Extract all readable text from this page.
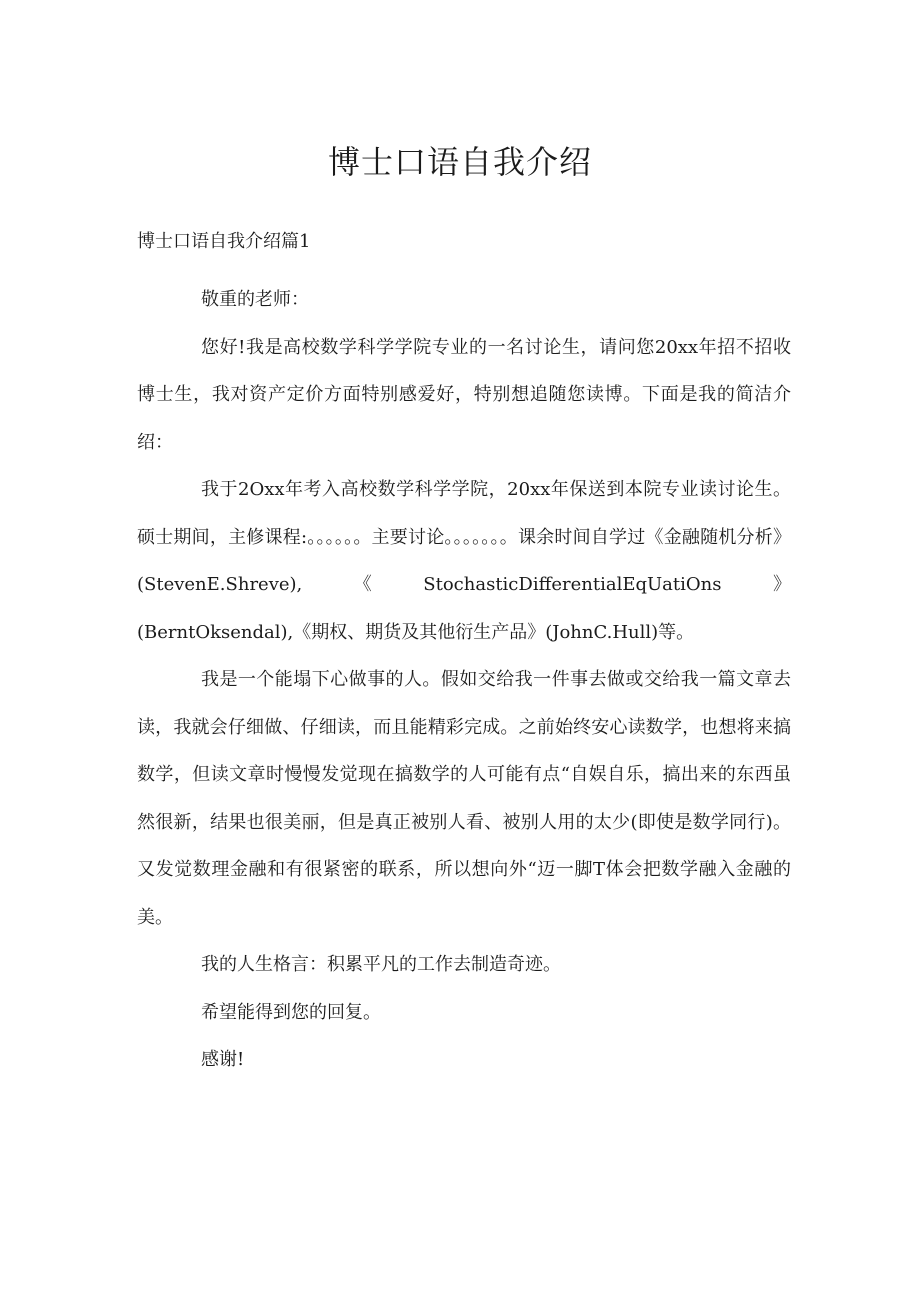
博士口语自我介绍

博士口语自我介绍篇1

敬重的老师：

您好!我是高校数学科学学院专业的一名讨论生，请问您20xx年招不招收博士生，我对资产定价方面特别感爱好，特别想追随您读博。下面是我的简洁介绍：

我于2Oxx年考入高校数学科学学院，20xx年保送到本院专业读讨论生。硕士期间，主修课程:。。。。。。主要讨论。。。。。。。课余时间自学过《金融随机分析》(StevenE.Shreve),《StochasticDifferentialEqUatiOns》(BerntOksendal),《期权、期货及其他衍生产品》(JohnC.Hull)等。

我是一个能塌下心做事的人。假如交给我一件事去做或交给我一篇文章去读，我就会仔细做、仔细读，而且能精彩完成。之前始终安心读数学，也想将来搞数学，但读文章时慢慢发觉现在搞数学的人可能有点“自娱自乐，搞出来的东西虽然很新，结果也很美丽，但是真正被别人看、被别人用的太少(即使是数学同行)。又发觉数理金融和有很紧密的联系，所以想向外“迈一脚T体会把数学融入金融的美。

我的人生格言：积累平凡的工作去制造奇迹。

希望能得到您的回复。

感谢!
